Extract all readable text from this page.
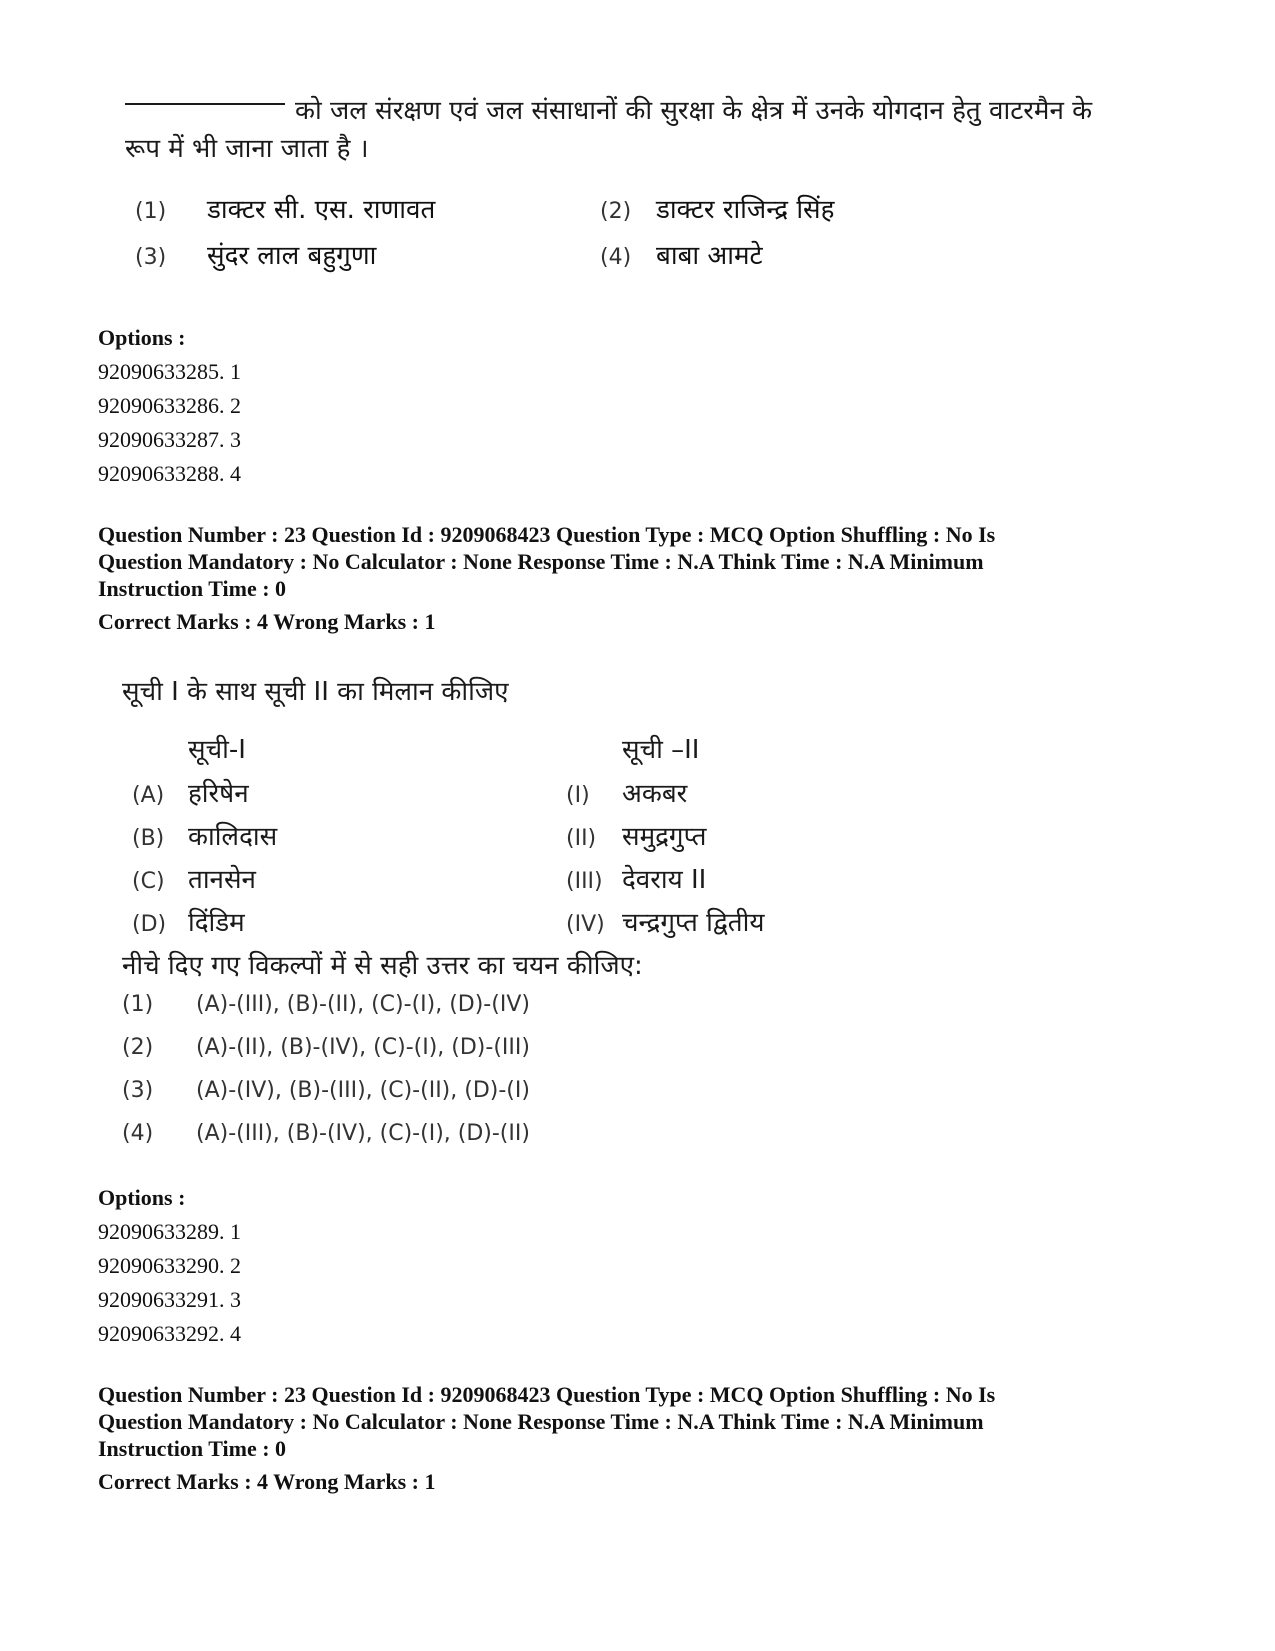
को जल संरक्षण एवं जल संसाधानों की सुरक्षा के क्षेत्र में उनके योगदान हेतु वाटरमैन के
रूप में भी जाना जाता है ।
(1)	डाक्टर सी. एस. राणावत	(2) डाक्टर राजिन्द्र सिंह
(3)	सुंदर लाल बहुगुणा	(4) बाबा आमटे
Options :
92090633285. 1
92090633286. 2
92090633287. 3
92090633288. 4
Question Number : 23 Question Id : 9209068423 Question Type : MCQ Option Shuffling : No Is
Question Mandatory : No Calculator : None Response Time : N.A Think Time : N.A Minimum
Instruction Time : 0
Correct Marks : 4 Wrong Marks : 1
सूची I के साथ सूची II का मिलान कीजिए
सूची-I	सूची –II
(A) हरिषेन	(I)	अकबर
(B) कालिदास	(II) समुद्रगुप्त
(C) तानसेन	(III) देवराय II
(D) दिंडिम	(IV) चन्द्रगुप्त द्वितीय
नीचे दिए गए विकल्पों में से सही उत्तर का चयन कीजिए:
(1)	(A)-(III), (B)-(II), (C)-(I), (D)-(IV)
(2)	(A)-(II), (B)-(IV), (C)-(I), (D)-(III)
(3)	(A)-(IV), (B)-(III), (C)-(II), (D)-(I)
(4)	(A)-(III), (B)-(IV), (C)-(I), (D)-(II)
Options :
92090633289. 1
92090633290. 2
92090633291. 3
92090633292. 4
Question Number : 23 Question Id : 9209068423 Question Type : MCQ Option Shuffling : No Is
Question Mandatory : No Calculator : None Response Time : N.A Think Time : N.A Minimum
Instruction Time : 0
Correct Marks : 4 Wrong Marks : 1
